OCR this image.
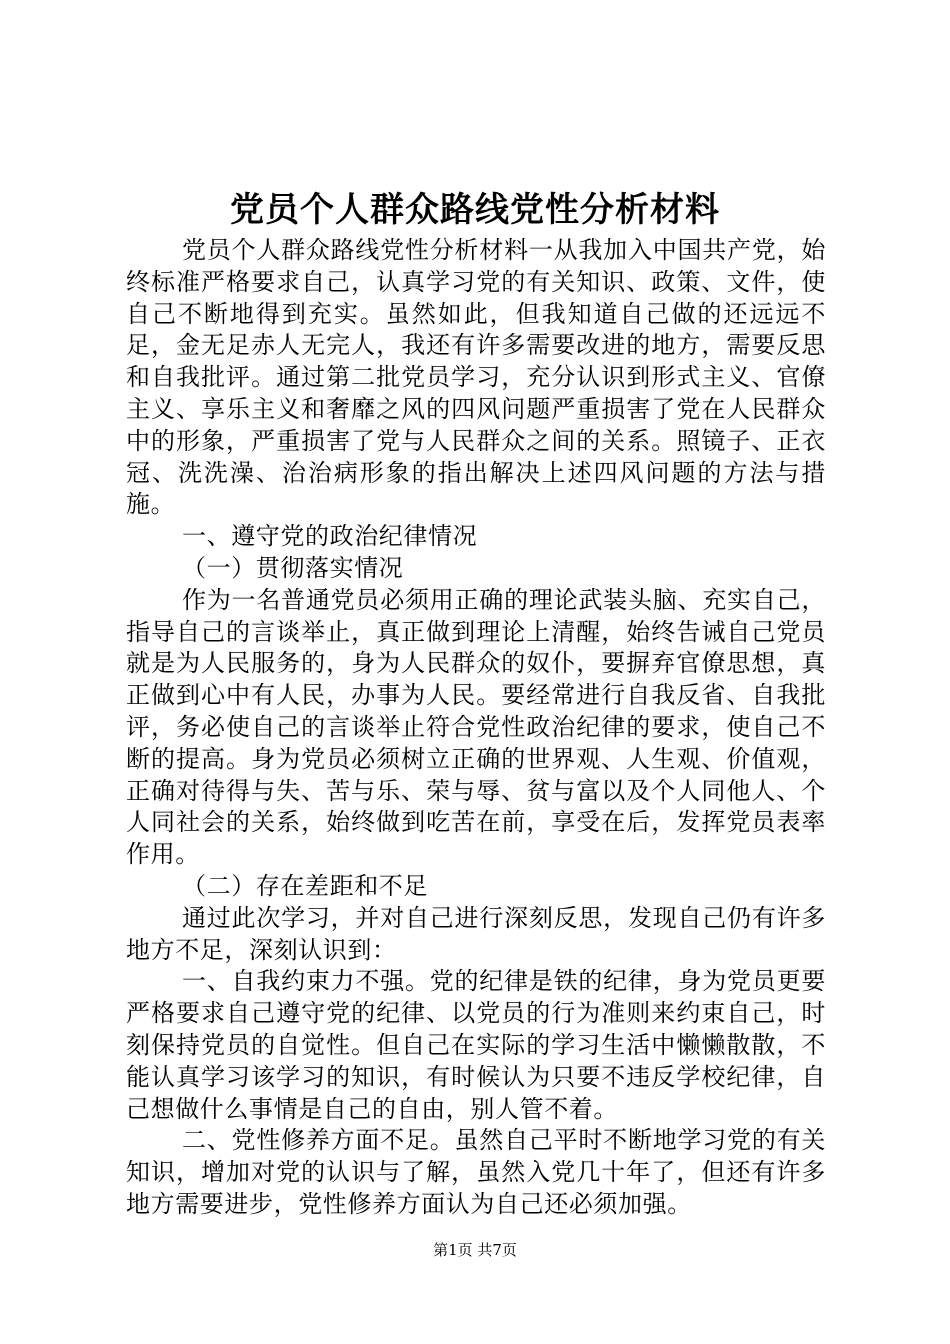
党员个人群众路线党性分析材料

党员个人群众路线党性分析材料一从我加入中国共产党，始终标准严格要求自己，认真学习党的有关知识、政策、文件，使自己不断地得到充实。虽然如此，但我知道自己做的还远远不足，金无足赤人无完人，我还有许多需要改进的地方，需要反思和自我批评。通过第二批党员学习，充分认识到形式主义、官僚主义、享乐主义和奢靡之风的四风问题严重损害了党在人民群众中的形象，严重损害了党与人民群众之间的关系。照镜子、正衣冠、洗洗澡、治治病形象的指出解决上述四风问题的方法与措施。

一、遵守党的政治纪律情况

（一）贯彻落实情况

作为一名普通党员必须用正确的理论武装头脑、充实自己，指导自己的言谈举止，真正做到理论上清醒，始终告诫自己党员就是为人民服务的，身为人民群众的奴仆，要摒弃官僚思想，真正做到心中有人民，办事为人民。要经常进行自我反省、自我批评，务必使自己的言谈举止符合党性政治纪律的要求，使自己不断的提高。身为党员必须树立正确的世界观、人生观、价值观，正确对待得与失、苦与乐、荣与辱、贫与富以及个人同他人、个人同社会的关系，始终做到吃苦在前，享受在后，发挥党员表率作用。

（二）存在差距和不足

通过此次学习，并对自己进行深刻反思，发现自己仍有许多地方不足，深刻认识到：

一、自我约束力不强。党的纪律是铁的纪律，身为党员更要严格要求自己遵守党的纪律、以党员的行为准则来约束自己，时刻保持党员的自觉性。但自己在实际的学习生活中懒懒散散，不能认真学习该学习的知识，有时候认为只要不违反学校纪律，自己想做什么事情是自己的自由，别人管不着。

二、党性修养方面不足。虽然自己平时不断地学习党的有关知识，增加对党的认识与了解，虽然入党几十年了，但还有许多地方需要进步，党性修养方面认为自己还必须加强。

第1页 共7页
